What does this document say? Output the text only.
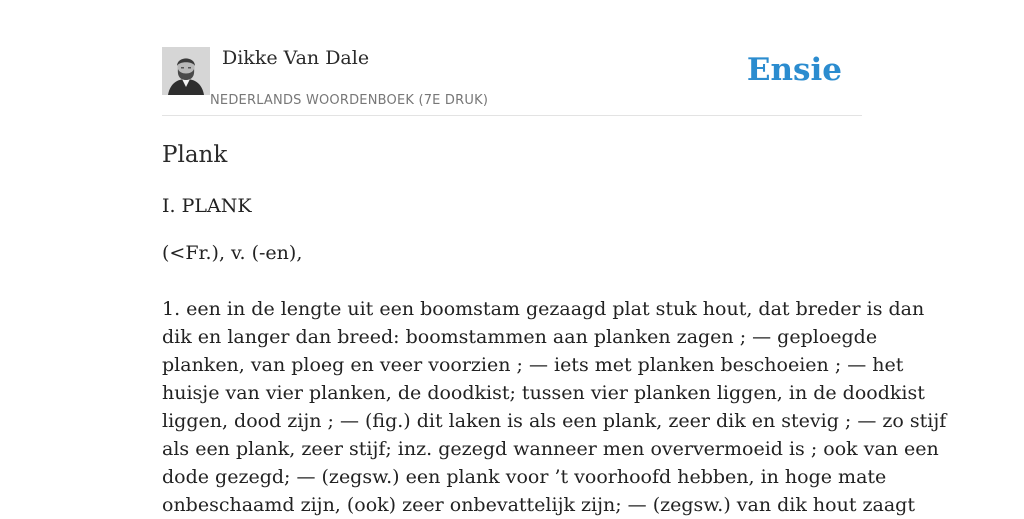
Dikke Van Dale
NEDERLANDS WOORDENBOEK (7E DRUK)
Ensie
Plank
I. PLANK
(<Fr.), v. (-en),

1. een in de lengte uit een boomstam gezaagd plat stuk hout, dat breder is dan
dik en langer dan breed: boomstammen aan planken zagen ; — geploegde
planken, van ploeg en veer voorzien ; — iets met planken beschoeien ; — het
huisje van vier planken, de doodkist; tussen vier planken liggen, in de doodkist
liggen, dood zijn ; — (fig.) dit laken is als een plank, zeer dik en stevig ; — zo stijf
als een plank, zeer stijf; inz. gezegd wanneer men oververmoeid is ; ook van een
dode gezegd; — (zegsw.) een plank voor ’t voorhoofd hebben, in hoge mate
onbeschaamd zijn, (ook) zeer onbevattelijk zijn; — (zegsw.) van dik hout zaagt
